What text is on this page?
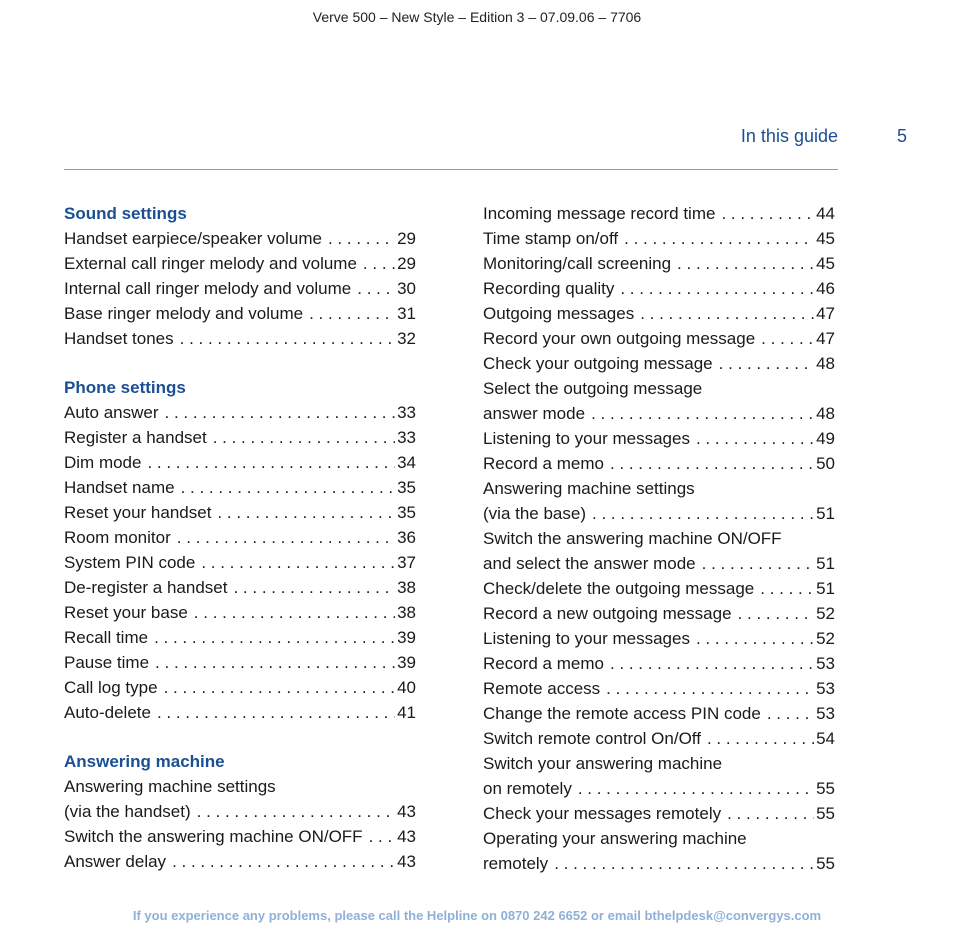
Verve 500 – New Style – Edition 3 – 07.09.06 – 7706
In this guide	5
Sound settings
Handset earpiece/speaker volume . . .	29
External call ringer melody and volume . . . 29
Internal call ringer melody and volume . . .	30
Base ringer melody and volume . . .	31
Handset tones . . .	32
Phone settings
Auto answer . . .	33
Register a handset . . .	33
Dim mode . . .	34
Handset name . . .	35
Reset your handset . . .	35
Room monitor . . .	36
System PIN code . . .	37
De-register a handset . . .	38
Reset your base . . .	38
Recall time . . .	39
Pause time . . .	39
Call log type . . .	40
Auto-delete . . .	41
Answering machine
Answering machine settings
(via the handset) . . .	43
Switch the answering machine ON/OFF . . . 43
Answer delay . . .	43
Incoming message record time . . .	44
Time stamp on/off . . .	45
Monitoring/call screening . . .	45
Recording quality . . .	46
Outgoing messages . . .	47
Record your own outgoing message . . .	47
Check your outgoing message . . .	48
Select the outgoing message
answer mode . . .	48
Listening to your messages . . .	49
Record a memo . . .	50
Answering machine settings
(via the base) . . .	51
Switch the answering machine ON/OFF
and select the answer mode . . .	51
Check/delete the outgoing message . . .	51
Record a new outgoing message . . .	52
Listening to your messages . . .	52
Record a memo . . .	53
Remote access . . .	53
Change the remote access PIN code . . .	53
Switch remote control On/Off . . .	54
Switch your answering machine
on remotely . . .	55
Check your messages remotely . . .	55
Operating your answering machine
remotely . . .	55
If you experience any problems, please call the Helpline on 0870 242 6652 or email bthelpdesk@convergys.com
